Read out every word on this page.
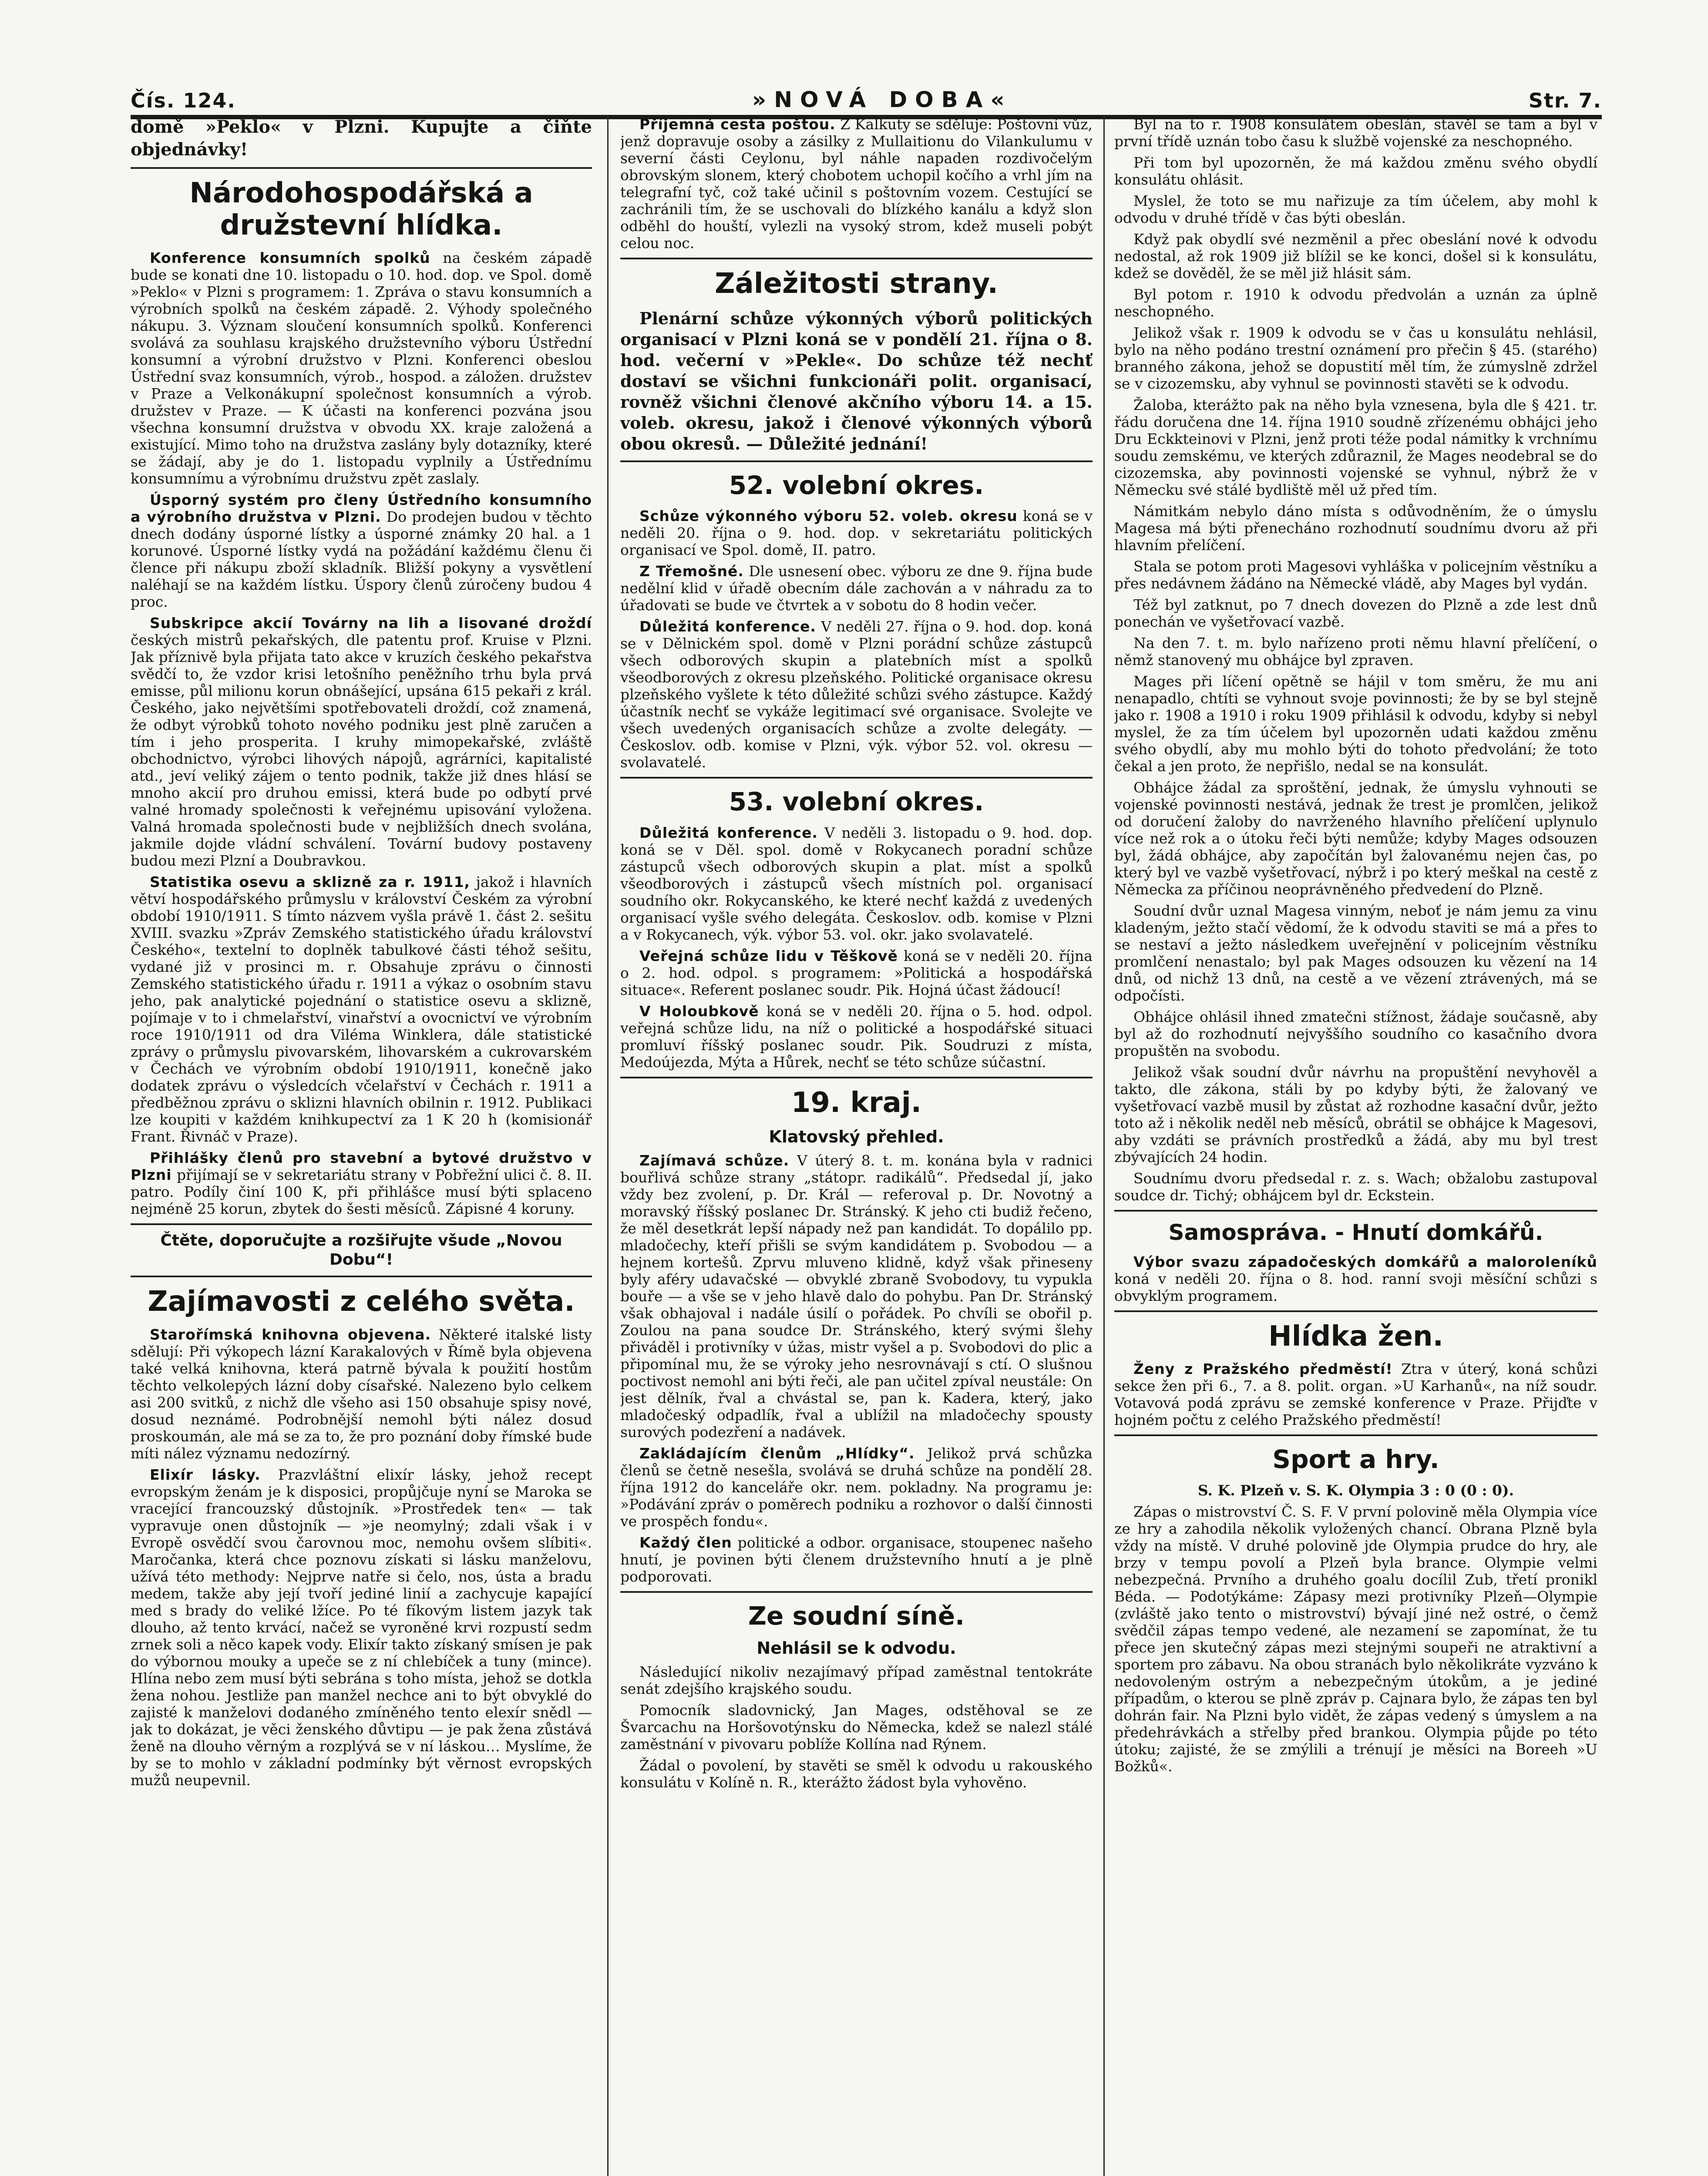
Čís. 124.	»NOVÁ DOBA«	Str. 7.

domě »Peklo« v Plzni. Kupujte a čiňte objednávky!

Národohospodářská a družstevní hlídka.

Konference konsumních spolků na českém západě bude se konati dne 10. listopadu o 10. hod. dop. ve Spol. domě »Peklo« v Plzni s programem: 1. Zpráva o stavu konsumních a výrobních spolků na českém západě. 2. Výhody společného nákupu. 3. Význam sloučení konsumních spolků. Konferenci svolává za souhlasu krajského družstevního výboru Ústřední konsumní a výrobní družstvo v Plzni. Konferenci obeslou Ústřední svaz konsumních, výrob., hospod. a záložen. družstev v Praze a Velkonákupní společnost konsumních a výrob. družstev v Praze. — K účasti na konferenci pozvána jsou všechna konsumní družstva v obvodu XX. kraje založená a existující. Mimo toho na družstva zaslány byly dotazníky, které se žádají, aby je do 1. listopadu vyplnily a Ústřednímu konsumnímu a výrobnímu družstvu zpět zaslaly.

Úsporný systém pro členy Ústředního konsumního a výrobního družstva v Plzni. Do prodejen budou v těchto dnech dodány úsporné lístky a úsporné známky 20 hal. a 1 korunové. Úsporné lístky vydá na požádání každému členu či člence při nákupu zboží skladník. Bližší pokyny a vysvětlení naléhají se na každém lístku. Úspory členů zúročeny budou 4 proc.

Subskripce akcií Továrny na lih a lisované droždí českých mistrů pekařských, dle patentu prof. Kruise v Plzni. Jak příznivě byla přijata tato akce v kruzích českého pekařstva svědčí to, že vzdor krisi letošního peněžního trhu byla prvá emisse, půl milionu korun obnášející, upsána 615 pekaři z král. Českého, jako největšími spotřebovateli droždí, což znamená, že odbyt výrobků tohoto nového podniku jest plně zaručen a tím i jeho prosperita. I kruhy mimopekařské, zvláště obchodnictvo, výrobci lihových nápojů, agrárníci, kapitalisté atd., jeví veliký zájem o tento podnik, takže již dnes hlásí se mnoho akcií pro druhou emissi, která bude po odbytí prvé valné hromady společnosti k veřejnému upisování vyložena. Valná hromada společnosti bude v nejbližších dnech svolána, jakmile dojde vládní schválení. Tovární budovy postaveny budou mezi Plzní a Doubravkou.

Statistika osevu a sklizně za r. 1911, jakož i hlavních větví hospodářského průmyslu v království Českém za výrobní období 1910/1911. S tímto názvem vyšla právě 1. část 2. sešitu XVIII. svazku »Zpráv Zemského statistického úřadu království Českého«, textelní to doplněk tabulkové části téhož sešitu, vydané již v prosinci m. r. Obsahuje zprávu o činnosti Zemského statistického úřadu r. 1911 a výkaz o osobním stavu jeho, pak analytické pojednání o statistice osevu a sklizně, pojímaje v to i chmelařství, vinařství a ovocnictví ve výrobním roce 1910/1911 od dra Viléma Winklera, dále statistické zprávy o průmyslu pivovarském, lihovarském a cukrovarském v Čechách ve výrobním období 1910/1911, konečně jako dodatek zprávu o výsledcích včelařství v Čechách r. 1911 a předběžnou zprávu o sklizni hlavních obilnin r. 1912. Publikaci lze koupiti v každém knihkupectví za 1 K 20 h (komisionář Frant. Řivnáč v Praze).

Přihlášky členů pro stavební a bytové družstvo v Plzni přijímají se v sekretariátu strany v Pobřežní ulici č. 8. II. patro. Podíly činí 100 K, při přihlášce musí býti splaceno nejméně 25 korun, zbytek do šesti měsíců. Zápisné 4 koruny.

Čtěte, doporučujte a rozšiřujte všude „Novou Dobu“!
Zajímavosti z celého světa.

Starořímská knihovna objevena. Některé italské listy sdělují: Při výkopech lázní Karakalových v Římě byla objevena také velká knihovna, která patrně bývala k použití hostům těchto velkolepých lázní doby císařské. Nalezeno bylo celkem asi 200 svitků, z nichž dle všeho asi 150 obsahuje spisy nové, dosud neznámé. Podrobnější nemohl býti nález dosud proskoumán, ale má se za to, že pro poznání doby římské bude míti nález významu nedozírný.

Elixír lásky. Prazvláštní elixír lásky, jehož recept evropským ženám je k disposici, propůjčuje nyní se Maroka se vracející francouzský důstojník. »Prostředek ten« — tak vypravuje onen důstojník — »je neomylný; zdali však i v Evropě osvědčí svou čarovnou moc, nemohu ovšem slíbiti«. Maročanka, která chce poznovu získati si lásku manželovu, užívá této methody: Nejprve natře si čelo, nos, ústa a bradu medem, takže aby její tvoří jediné linií a zachycuje kapající med s brady do veliké lžíce. Po té fíkovým listem jazyk tak dlouho, až tento krvácí, načež se vyroněné krvi rozpustí sedm zrnek soli a něco kapek vody. Elixír takto získaný smísen je pak do výbornou mouky a upeče se z ní chlebíček a tuny (mince). Hlína nebo zem musí býti sebrána s toho místa, jehož se dotkla žena nohou. Jestliže pan manžel nechce ani to být obvyklé do zajisté k manželovi dodaného zmíněného tento elexír snědl — jak to dokázat, je věci ženského důvtipu — je pak žena zůstává ženě na dlouho věrným a rozplývá se v ní láskou… Myslíme, že by se to mohlo v základní podmínky být věrnost evropských mužů neupevnil.

Příjemná cesta poštou. Z Kalkuty se sděluje: Poštovní vůz, jenž dopravuje osoby a zásilky z Mullaitionu do Vilankulumu v severní části Ceylonu, byl náhle napaden rozdivočelým obrovským slonem, který chobotem uchopil kočího a vrhl jím na telegrafní tyč, což také učinil s poštovním vozem. Cestující se zachránili tím, že se uschovali do blízkého kanálu a když slon odběhl do houští, vylezli na vysoký strom, kdež museli pobýt celou noc.

Záležitosti strany.

Plenární schůze výkonných výborů politických organisací v Plzni koná se v pondělí 21. října o 8. hod. večerní v »Pekle«. Do schůze též nechť dostaví se všichni funkcionáři polit. organisací, rovněž všichni členové akčního výboru 14. a 15. voleb. okresu, jakož i členové výkonných výborů obou okresů. — Důležité jednání!

52. volební okres.

Schůze výkonného výboru 52. voleb. okresu koná se v neděli 20. října o 9. hod. dop. v sekretariátu politických organisací ve Spol. domě, II. patro.

Z Třemošné. Dle usnesení obec. výboru ze dne 9. října bude nedělní klid v úřadě obecním dále zachován a v náhradu za to úřadovati se bude ve čtvrtek a v sobotu do 8 hodin večer.

Důležitá konference. V neděli 27. října o 9. hod. dop. koná se v Dělnickém spol. domě v Plzni porádní schůze zástupců všech odborových skupin a platebních míst a spolků všeodborových z okresu plzeňského. Politické organisace okresu plzeňského vyšlete k této důležité schůzi svého zástupce. Každý účastník nechť se vykáže legitimací své organisace. Svolejte ve všech uvedených organisacích schůze a zvolte delegáty. — Českoslov. odb. komise v Plzni, výk. výbor 52. vol. okresu — svolavatelé.

53. volební okres.

Důležitá konference. V neděli 3. listopadu o 9. hod. dop. koná se v Děl. spol. domě v Rokycanech poradní schůze zástupců všech odborových skupin a plat. míst a spolků všeodborových i zástupců všech místních pol. organisací soudního okr. Rokycanského, ke které nechť každá z uvedených organisací vyšle svého delegáta. Českoslov. odb. komise v Plzni a v Rokycanech, výk. výbor 53. vol. okr. jako svolavatelé.

Veřejná schůze lidu v Těškově koná se v neděli 20. října o 2. hod. odpol. s programem: »Politická a hospodářská situace«. Referent poslanec soudr. Pik. Hojná účast žádoucí!

V Holoubkově koná se v neděli 20. října o 5. hod. odpol. veřejná schůze lidu, na níž o politické a hospodářské situaci promluví říšský poslanec soudr. Pik. Soudruzi z místa, Medoújezda, Mýta a Hůrek, nechť se této schůze súčastní.

19. kraj.
Klatovský přehled.

Zajímavá schůze. V úterý 8. t. m. konána byla v radnici bouřlivá schůze strany „státopr. radikálů“. Předsedal jí, jako vždy bez zvolení, p. Dr. Král — referoval p. Dr. Novotný a moravský říšský poslanec Dr. Stránský. K jeho cti budiž řečeno, že měl desetkrát lepší nápady než pan kandidát. To dopálilo pp. mladočechy, kteří přišli se svým kandidátem p. Svobodou — a hejnem kortešů. Zprvu mluveno klidně, když však přineseny byly aféry udavačské — obvyklé zbraně Svobodovy, tu vypukla bouře — a vše se v jeho hlavě dalo do pohybu. Pan Dr. Stránský však obhajoval i nadále úsilí o pořádek. Po chvíli se obořil p. Zoulou na pana soudce Dr. Stránského, který svými šlehy přiváděl i protivníky v úžas, mistr vyšel a p. Svobodovi do plic a připomínal mu, že se výroky jeho nesrovnávají s ctí. O slušnou poctivost nemohl ani býti řeči, ale pan učitel zpíval neustále: On jest dělník, řval a chvástal se, pan k. Kadera, který, jako mladočeský odpadlík, řval a ublížil na mladočechy spousty surových podezření a nadávek.

Zakládajícím členům „Hlídky“. Jelikož prvá schůzka členů se četně nesešla, svolává se druhá schůze na pondělí 28. října 1912 do kanceláře okr. nem. pokladny. Na programu je: »Podávání zpráv o poměrech podniku a rozhovor o další činnosti ve prospěch fondu«.

Každý člen politické a odbor. organisace, stoupenec našeho hnutí, je povinen býti členem družstevního hnutí a je plně podporovati.

Ze soudní síně.
Nehlásil se k odvodu.

Následující nikoliv nezajímavý případ zaměstnal tentokráte senát zdejšího krajského soudu.

Pomocník sladovnický, Jan Mages, odstěhoval se ze Švarcachu na Horšovotýnsku do Německa, kdež se nalezl stálé zaměstnání v pivovaru poblíže Kollína nad Rýnem.

Žádal o povolení, by stavěti se směl k odvodu u rakouského konsulátu v Kolíně n. R., kterážto žádost byla vyhověno.

Byl na to r. 1908 konsulátem obeslán, stavěl se tam a byl v první třídě uznán tobo času k službě vojenské za neschopného.

Při tom byl upozorněn, že má každou změnu svého obydlí konsulátu ohlásit.

Myslel, že toto se mu nařizuje za tím účelem, aby mohl k odvodu v druhé třídě v čas býti obeslán.

Když pak obydlí své nezměnil a přec obeslání nové k odvodu nedostal, až rok 1909 již blížil se ke konci, došel si k konsulátu, kdež se dověděl, že se měl již hlásit sám.

Byl potom r. 1910 k odvodu předvolán a uznán za úplně neschopného.

Jelikož však r. 1909 k odvodu se v čas u konsulátu nehlásil, bylo na něho podáno trestní oznámení pro přečin § 45. (starého) branného zákona, jehož se dopustití měl tím, že zúmyslně zdržel se v cizozemsku, aby vyhnul se povinnosti stavěti se k odvodu.

Žaloba, kterážto pak na něho byla vznesena, byla dle § 421. tr. řádu doručena dne 14. října 1910 soudně zřízenému obhájci jeho Dru Eckkteinovi v Plzni, jenž proti téže podal námitky k vrchnímu soudu zemskému, ve kterých zdůraznil, že Mages neodebral se do cizozemska, aby povinnosti vojenské se vyhnul, nýbrž že v Německu své stálé bydliště měl už před tím.

Námitkám nebylo dáno místa s odůvodněním, že o úmyslu Magesa má býti přenecháno rozhodnutí soudnímu dvoru až při hlavním přelíčení.

Stala se potom proti Magesovi vyhláška v policejním věstníku a přes nedávnem žádáno na Německé vládě, aby Mages byl vydán.

Též byl zatknut, po 7 dnech dovezen do Plzně a zde lest dnů ponechán ve vyšetřovací vazbě.

Na den 7. t. m. bylo nařízeno proti němu hlavní přelíčení, o němž stanovený mu obhájce byl zpraven.

Mages při líčení opětně se hájil v tom směru, že mu ani nenapadlo, chtíti se vyhnout svoje povinnosti; že by se byl stejně jako r. 1908 a 1910 i roku 1909 přihlásil k odvodu, kdyby si nebyl myslel, že za tím účelem byl upozorněn udati každou změnu svého obydlí, aby mu mohlo býti do tohoto předvolání; že toto čekal a jen proto, že nepřišlo, nedal se na konsulát.

Obhájce žádal za sproštění, jednak, že úmyslu vyhnouti se vojenské povinnosti nestává, jednak že trest je promlčen, jelikož od doručení žaloby do navrženého hlavního přelíčení uplynulo více než rok a o útoku řeči býti nemůže; kdyby Mages odsouzen byl, žádá obhájce, aby započítán byl žalovanému nejen čas, po který byl ve vazbě vyšetřovací, nýbrž i po který meškal na cestě z Německa za příčinou neoprávněného předvedení do Plzně.

Soudní dvůr uznal Magesa vinným, neboť je nám jemu za vinu kladeným, ježto stačí vědomí, že k odvodu staviti se má a přes to se nestaví a ježto následkem uveřejnění v policejním věstníku promlčení nenastalo; byl pak Mages odsouzen ku vězení na 14 dnů, od nichž 13 dnů, na cestě a ve vězení ztrávených, má se odpočísti.

Obhájce ohlásil ihned zmatečni stížnost, žádaje současně, aby byl až do rozhodnutí nejvyššího soudního co kasačního dvora propuštěn na svobodu.

Jelikož však soudní dvůr návrhu na propuštění nevyhověl a takto, dle zákona, stáli by po kdyby býti, že žalovaný ve vyšetřovací vazbě musil by zůstat až rozhodne kasační dvůr, ježto toto až i několik neděl neb měsíců, obrátil se obhájce k Magesovi, aby vzdáti se právních prostředků a žádá, aby mu byl trest zbývajících 24 hodin.

Soudnímu dvoru předsedal r. z. s. Wach; obžalobu zastupoval soudce dr. Tichý; obhájcem byl dr. Eckstein.

Samospráva. - Hnutí domkářů.

Výbor svazu západočeských domkářů a maloroleníků koná v neděli 20. října o 8. hod. ranní svoji měsíční schůzi s obvyklým programem.

Hlídka žen.

Ženy z Pražského předměstí! Ztra v úterý, koná schůzi sekce žen při 6., 7. a 8. polit. organ. »U Karhanů«, na níž soudr. Votavová podá zprávu se zemské konference v Praze. Přijďte v hojném počtu z celého Pražského předměstí!

Sport a hry.

S. K. Plzeň v. S. K. Olympia 3 : 0 (0 : 0).

Zápas o mistrovství Č. S. F. V první polovině měla Olympia více ze hry a zahodila několik vyložených chancí. Obrana Plzně byla vždy na místě. V druhé polovině jde Olympia prudce do hry, ale brzy v tempu povolí a Plzeň byla brance. Olympie velmi nebezpečná. Prvního a druhého goalu docílil Zub, třetí pronikl Béda. — Podotýkáme: Zápasy mezi protivníky Plzeň—Olympie (zvláště jako tento o mistrovství) bývají jiné než ostré, o čemž svědčil zápas tempo vedené, ale nezamení se zapomínat, že tu přece jen skutečný zápas mezi stejnými soupeři ne atraktivní a sportem pro zábavu. Na obou stranách bylo několikráte vyzváno k nedovoleným ostrým a nebezpečným útokům, a je jediné případům, o kterou se plně zpráv p. Cajnara bylo, že zápas ten byl dohrán fair. Na Plzni bylo vidět, že zápas vedený s úmyslem a na předehrávkách a střelby před brankou. Olympia půjde po této útoku; zajisté, že se zmýlili a trénují je měsíci na Boreeh »U Božků«.
